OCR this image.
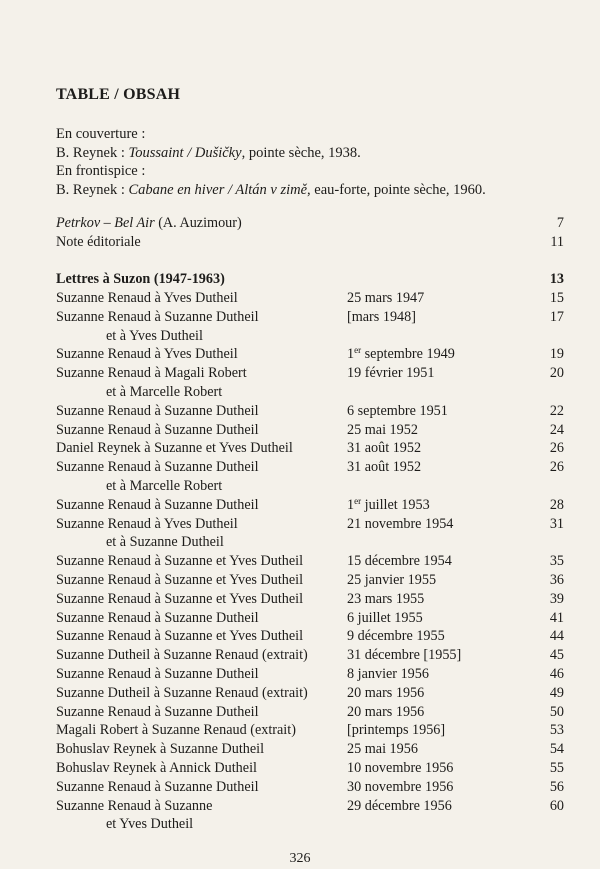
TABLE / OBSAH
En couverture :
B. Reynek : Toussaint / Dušičky, pointe sèche, 1938.
En frontispice :
B. Reynek : Cabane en hiver / Altán v zimě, eau-forte, pointe sèche, 1960.
Petrkov – Bel Air (A. Auzimour)	7
Note éditoriale	11
Lettres à Suzon (1947-1963)	13
Suzanne Renaud à Yves Dutheil	25 mars 1947	15
Suzanne Renaud à Suzanne Dutheil	[mars 1948]	17
et à Yves Dutheil
Suzanne Renaud à Yves Dutheil	1er septembre 1949	19
Suzanne Renaud à Magali Robert	19 février 1951	20
et à Marcelle Robert
Suzanne Renaud à Suzanne Dutheil	6 septembre 1951	22
Suzanne Renaud à Suzanne Dutheil	25 mai 1952	24
Daniel Reynek à Suzanne et Yves Dutheil	31 août 1952	26
Suzanne Renaud à Suzanne Dutheil	31 août 1952	26
et à Marcelle Robert
Suzanne Renaud à Suzanne Dutheil	1er juillet 1953	28
Suzanne Renaud à Yves Dutheil	21 novembre 1954	31
et à Suzanne Dutheil
Suzanne Renaud à Suzanne et Yves Dutheil	15 décembre 1954	35
Suzanne Renaud à Suzanne et Yves Dutheil	25 janvier 1955	36
Suzanne Renaud à Suzanne et Yves Dutheil	23 mars 1955	39
Suzanne Renaud à Suzanne Dutheil	6 juillet 1955	41
Suzanne Renaud à Suzanne et Yves Dutheil	9 décembre 1955	44
Suzanne Dutheil à Suzanne Renaud (extrait)	31 décembre [1955]	45
Suzanne Renaud à Suzanne Dutheil	8 janvier 1956	46
Suzanne Dutheil à Suzanne Renaud (extrait)	20 mars 1956	49
Suzanne Renaud à Suzanne Dutheil	20 mars 1956	50
Magali Robert à Suzanne Renaud (extrait)	[printemps 1956]	53
Bohuslav Reynek à Suzanne Dutheil	25 mai 1956	54
Bohuslav Reynek à Annick Dutheil	10 novembre 1956	55
Suzanne Renaud à Suzanne Dutheil	30 novembre 1956	56
Suzanne Renaud à Suzanne	29 décembre 1956	60
et Yves Dutheil
326
